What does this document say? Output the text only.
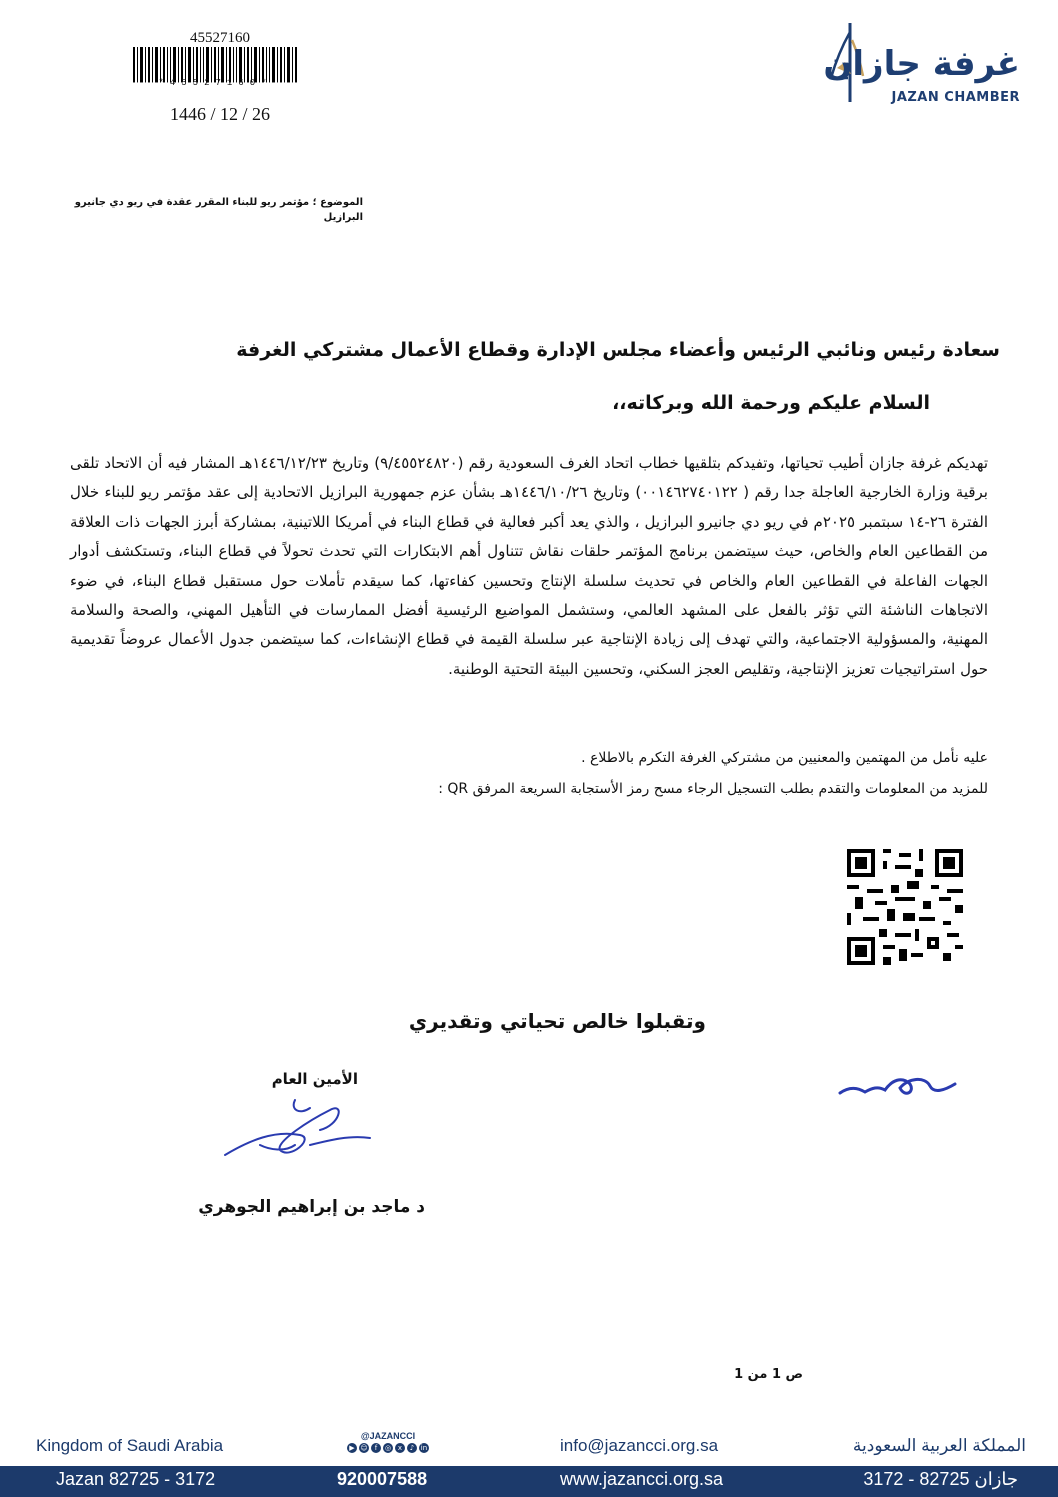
45527160
*45527160*
1446 / 12 / 26
غرفة جازان
JAZAN CHAMBER
الموضوع ؛ مؤتمر ريو للبناء المقرر عقدة في ريو دي جانيرو البرازيل
سعادة رئيس ونائبي الرئيس وأعضاء مجلس الإدارة وقطاع الأعمال مشتركي الغرفة
السلام عليكم ورحمة الله وبركاته،،

تهديكم غرفة جازان أطيب تحياتها، وتفيدكم بتلقيها خطاب اتحاد الغرف السعودية رقم (٩/٤٥٥٢٤٨٢٠) وتاريخ ١٤٤٦/١٢/٢٣هـ المشار فيه أن الاتحاد تلقى برقية وزارة الخارجية العاجلة جدا رقم ( ٠٠١٤٦٢٧٤٠١٢٢) وتاريخ ١٤٤٦/١٠/٢٦هـ بشأن عزم جمهورية البرازيل الاتحادية إلى عقد مؤتمر ريو للبناء خلال الفترة ٢٦-١٤ سبتمبر ٢٠٢٥م في ريو دي جانيرو البرازيل ، والذي يعد أكبر فعالية في قطاع البناء في أمريكا اللاتينية، بمشاركة أبرز الجهات ذات العلاقة من القطاعين العام والخاص، حيث سيتضمن برنامج المؤتمر حلقات نقاش تتناول أهم الابتكارات التي تحدث تحولاً في قطاع البناء، وتستكشف أدوار الجهات الفاعلة في القطاعين العام والخاص في تحديث سلسلة الإنتاج وتحسين كفاءتها، كما سيقدم تأملات حول مستقبل قطاع البناء، في ضوء الاتجاهات الناشئة التي تؤثر بالفعل على المشهد العالمي، وستشمل المواضيع الرئيسية أفضل الممارسات في التأهيل المهني، والصحة والسلامة المهنية، والمسؤولية الاجتماعية، والتي تهدف إلى زيادة الإنتاجية عبر سلسلة القيمة في قطاع الإنشاءات، كما سيتضمن جدول الأعمال عروضاً تقديمية حول استراتيجيات تعزيز الإنتاجية، وتقليص العجز السكني، وتحسين البيئة التحتية الوطنية.

عليه نأمل من المهتمين والمعنيين من مشتركي الغرفة التكرم بالاطلاع .
للمزيد من المعلومات والتقدم بطلب التسجيل الرجاء مسح رمز الأستجابة السريعة المرفق QR :
وتقبلوا خالص تحياتي وتقديري
الأمين العام
د ماجد بن إبراهيم الجوهري
ص 1 من 1
Kingdom of Saudi Arabia	@JAZANCCI
▶ ☺	f	◎ x	♪ in	info@jazancci.org.sa	المملكة العربية السعودية
Jazan 82725 - 3172	920007588	www.jazancci.org.sa	جازان 82725 - 3172
